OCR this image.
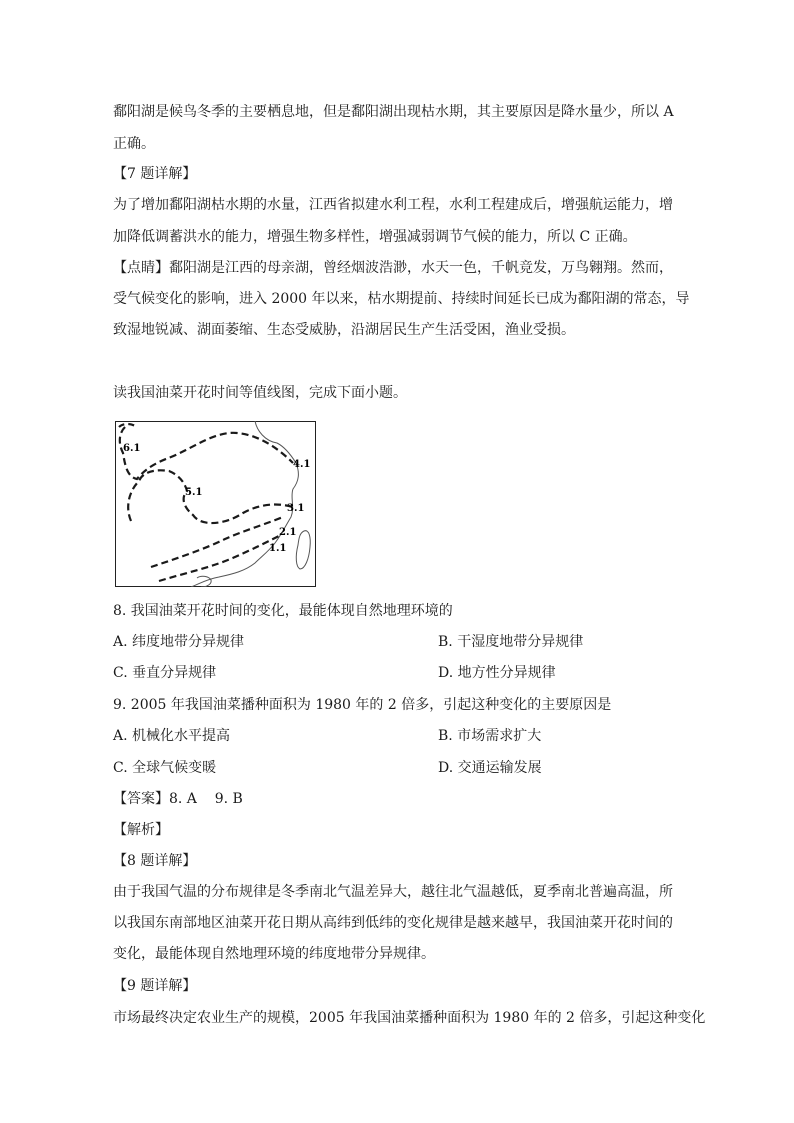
鄱阳湖是候鸟冬季的主要栖息地，但是鄱阳湖出现枯水期，其主要原因是降水量少，所以 A
正确。
【7 题详解】
为了增加鄱阳湖枯水期的水量，江西省拟建水利工程，水利工程建成后，增强航运能力，增
加降低调蓄洪水的能力，增强生物多样性，增强减弱调节气候的能力，所以 C 正确。
【点睛】鄱阳湖是江西的母亲湖，曾经烟波浩渺，水天一色，千帆竞发，万鸟翱翔。然而，
受气候变化的影响，进入 2000 年以来，枯水期提前、持续时间延长已成为鄱阳湖的常态，导
致湿地锐减、湖面萎缩、生态受威胁，沿湖居民生产生活受困，渔业受损。
读我国油菜开花时间等值线图，完成下面小题。
6.1
5.1
4.1
3.1
2.1
1.1
8. 我国油菜开花时间的变化，最能体现自然地理环境的
A. 纬度地带分异规律	B. 干湿度地带分异规律
C. 垂直分异规律	D. 地方性分异规律
9. 2005 年我国油菜播种面积为 1980 年的 2 倍多，引起这种变化的主要原因是
A. 机械化水平提高	B. 市场需求扩大
C. 全球气候变暖	D. 交通运输发展
【答案】8. A    9. B
【解析】
【8 题详解】
由于我国气温的分布规律是冬季南北气温差异大，越往北气温越低，夏季南北普遍高温，所
以我国东南部地区油菜开花日期从高纬到低纬的变化规律是越来越早，我国油菜开花时间的
变化，最能体现自然地理环境的纬度地带分异规律。
【9 题详解】
市场最终决定农业生产的规模，2005 年我国油菜播种面积为 1980 年的 2 倍多，引起这种变化
